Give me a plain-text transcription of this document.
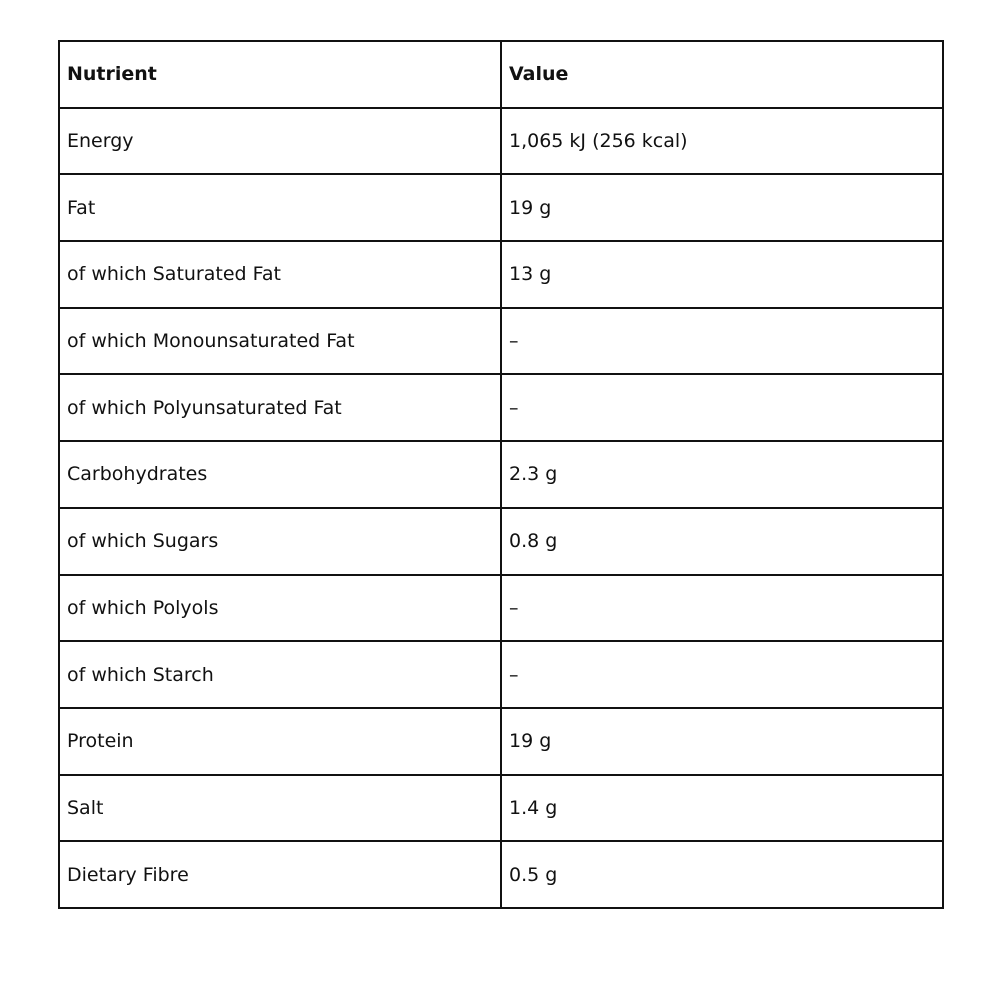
Nutrient	Value
Energy	1,065 kJ (256 kcal)
Fat	19 g
of which Saturated Fat	13 g
of which Monounsaturated Fat	–
of which Polyunsaturated Fat	–
Carbohydrates	2.3 g
of which Sugars	0.8 g
of which Polyols	–
of which Starch	–
Protein	19 g
Salt	1.4 g
Dietary Fibre	0.5 g
